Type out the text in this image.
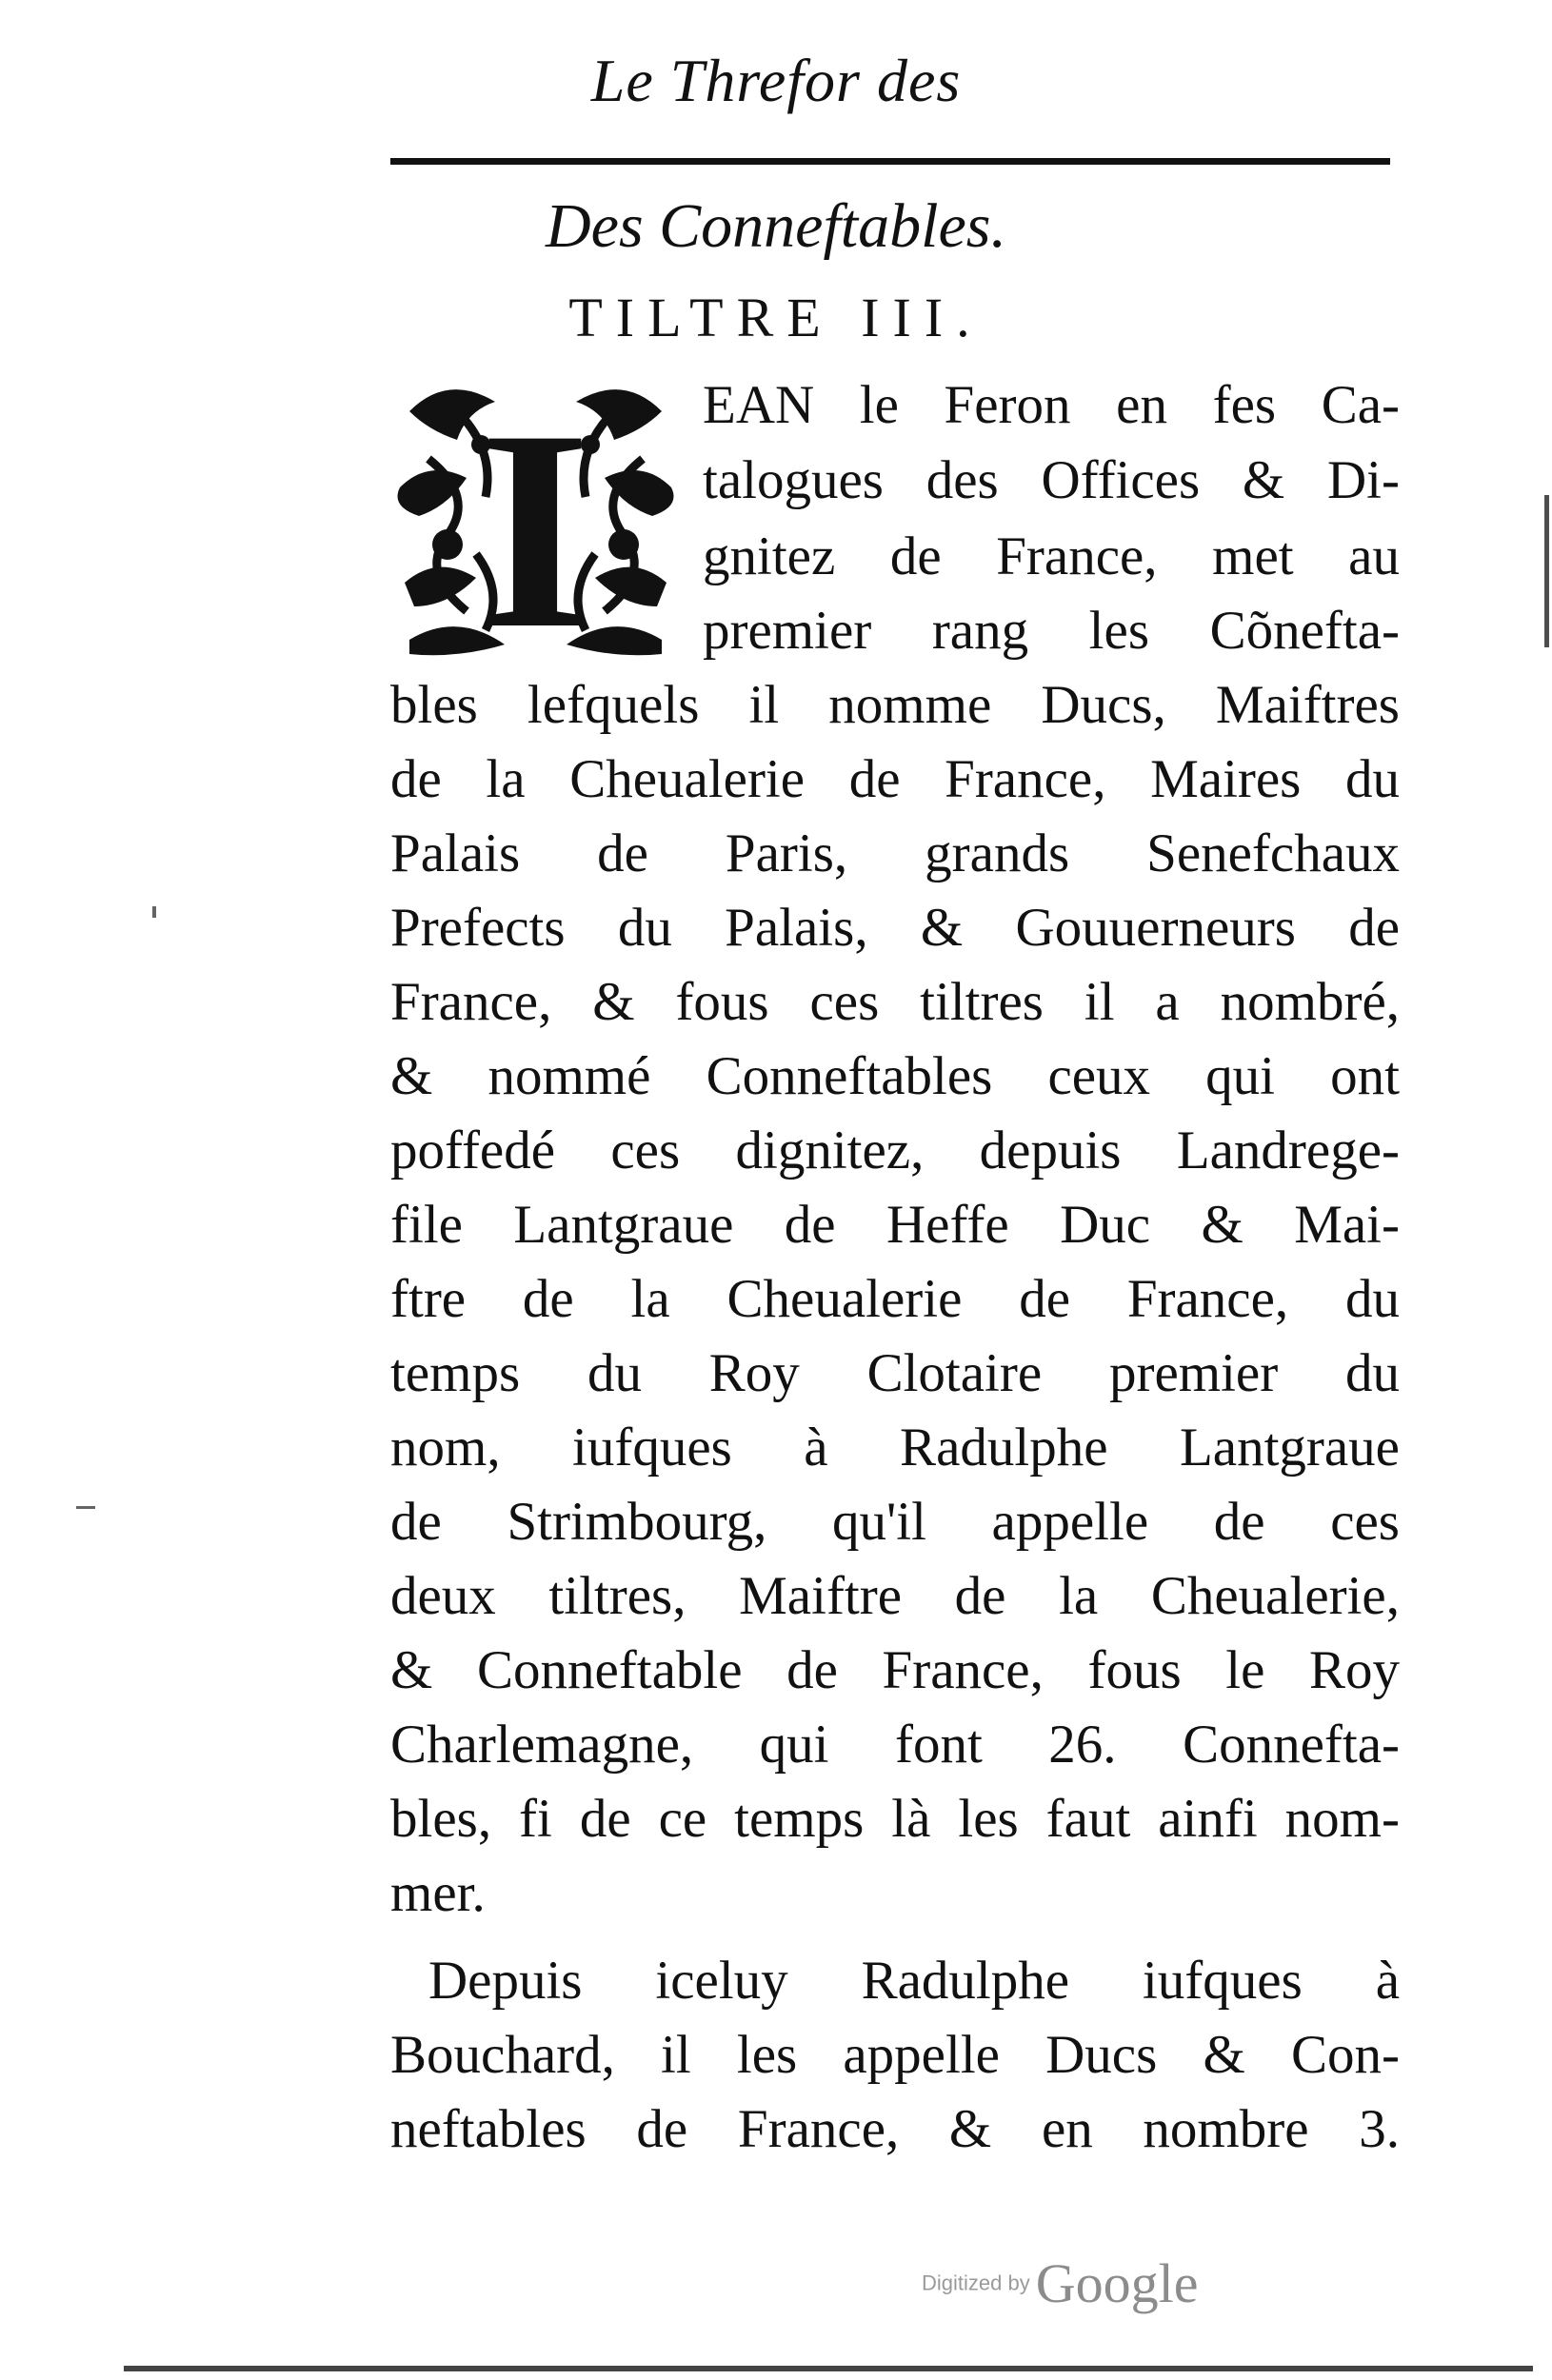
Le Threfor des
Des Conneftables.
TILTRE III.
I EAN le Feron en fes Ca-
talogues des Offices & Di-
gnitez de France, met au
premier rang les Cõnefta-
bles lefquels il nomme Ducs, Maiftres
de la Cheualerie de France, Maires du
Palais de Paris, grands Senefchaux
Prefects du Palais, & Gouuerneurs de
France, & fous ces tiltres il a nombré,
& nommé Conneftables ceux qui ont
poffedé ces dignitez, depuis Landrege-
file Lantgraue de Heffe Duc & Mai-
ftre de la Cheualerie de France, du
temps du Roy Clotaire premier du
nom, iufques à Radulphe Lantgraue
de Strimbourg, qu'il appelle de ces
deux tiltres, Maiftre de la Cheualerie,
& Conneftable de France, fous le Roy
Charlemagne, qui font 26. Connefta-
bles, fi de ce temps là les faut ainfi nom-
mer.
Depuis iceluy Radulphe iufques à
Bouchard, il les appelle Ducs & Con-
neftables de France, & en nombre 3.
Digitized by Google
